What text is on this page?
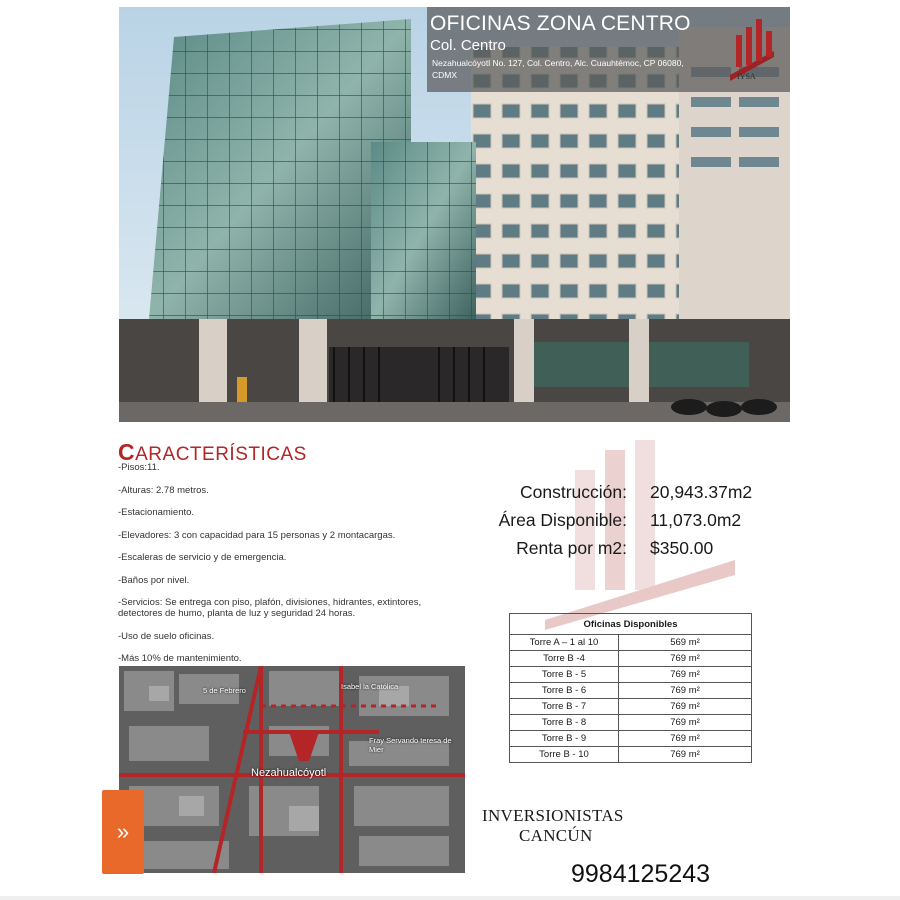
OFICINAS ZONA CENTRO
Col. Centro
Nezahualcóyotl No. 127, Col. Centro, Alc. Cuauhtémoc, CP 06080, CDMX	IYSA
CARACTERÍSTICAS
-Pisos:11.
-Alturas: 2.78 metros.
-Estacionamiento.
-Elevadores: 3 con capacidad para 15 personas y 2 montacargas.
-Escaleras de servicio y de emergencia.
-Baños por nivel.
-Servicios: Se entrega con piso, plafón, divisiones, hidrantes, extintores, detectores de humo, planta de luz y seguridad 24 horas.
-Uso de suelo oficinas.
-Más 10% de mantenimiento.
Construcción: 20,943.37m2
Área Disponible: 11,073.0m2
Renta por m2: $350.00
Oficinas Disponibles	
Torre A – 1 al 10	569 m²
Torre B -4	769 m²
Torre B - 5	769 m²
Torre B - 6	769 m²
Torre B - 7	769 m²
Torre B - 8	769 m²
Torre B - 9	769 m²
Torre B - 10	769 m²
5 de Febrero	Isabel la Católica
Fray Servando teresa de Mier
Nezahualcóyotl
»
INVERSIONISTAS
CANCÚN
9984125243
